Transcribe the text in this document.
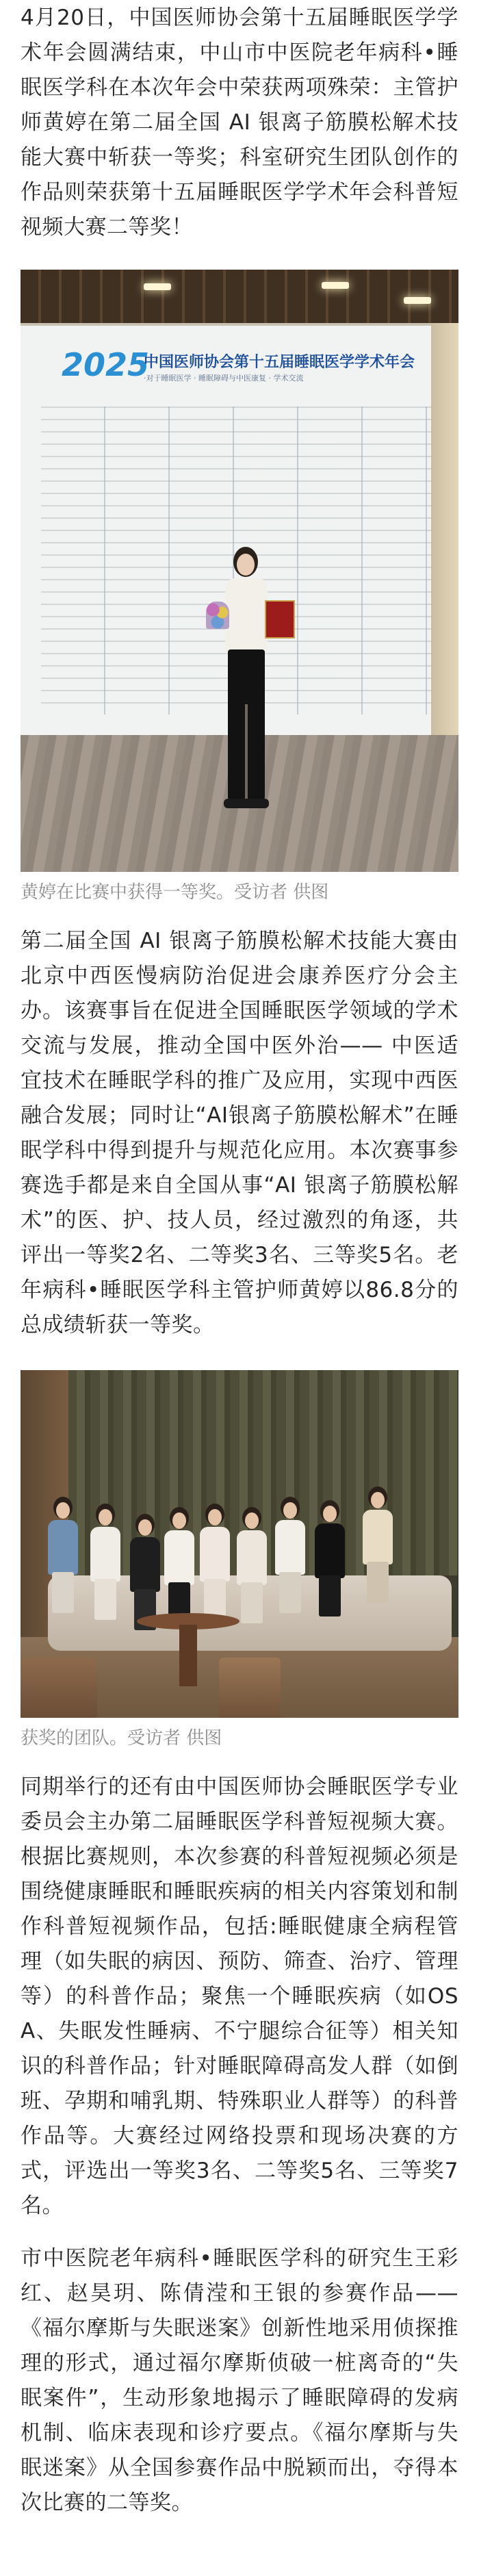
4月20日，中国医师协会第十五届睡眠医学学术年会圆满结束，中山市中医院老年病科•睡眠医学科在本次年会中荣获两项殊荣：主管护师黄婷在第二届全国 AI 银离子筋膜松解术技能大赛中斩获一等奖；科室研究生团队创作的作品则荣获第十五届睡眠医学学术年会科普短视频大赛二等奖！

2025
中国医师协会第十五届睡眠医学学术年会
·对于睡眠医学 · 睡眠障碍与中医康复 · 学术交流
黄婷在比赛中获得一等奖。受访者 供图

第二届全国 AI 银离子筋膜松解术技能大赛由北京中西医慢病防治促进会康养医疗分会主办。该赛事旨在促进全国睡眠医学领域的学术交流与发展，推动全国中医外治—— 中医适宜技术在睡眠学科的推广及应用，实现中西医融合发展；同时让“AI银离子筋膜松解术”在睡眠学科中得到提升与规范化应用。本次赛事参赛选手都是来自全国从事“AI 银离子筋膜松解术”的医、护、技人员，经过激烈的角逐，共评出一等奖2名、二等奖3名、三等奖5名。老年病科•睡眠医学科主管护师黄婷以86.8分的总成绩斩获一等奖。

获奖的团队。受访者 供图

同期举行的还有由中国医师协会睡眠医学专业委员会主办第二届睡眠医学科普短视频大赛。根据比赛规则，本次参赛的科普短视频必须是围绕健康睡眠和睡眠疾病的相关内容策划和制作科普短视频作品，包括:睡眠健康全病程管理（如失眠的病因、预防、筛查、治疗、管理等）的科普作品；聚焦一个睡眠疾病（如OSA、失眠发性睡病、不宁腿综合征等）相关知识的科普作品；针对睡眠障碍高发人群（如倒班、孕期和哺乳期、特殊职业人群等）的科普作品等。大赛经过网络投票和现场决赛的方式，评选出一等奖3名、二等奖5名、三等奖7名。

市中医院老年病科•睡眠医学科的研究生王彩红、赵昊玥、陈倩滢和王银的参赛作品——《福尔摩斯与失眠迷案》创新性地采用侦探推理的形式，通过福尔摩斯侦破一桩离奇的“失眠案件”，生动形象地揭示了睡眠障碍的发病机制、临床表现和诊疗要点。《福尔摩斯与失眠迷案》从全国参赛作品中脱颖而出，夺得本次比赛的二等奖。
